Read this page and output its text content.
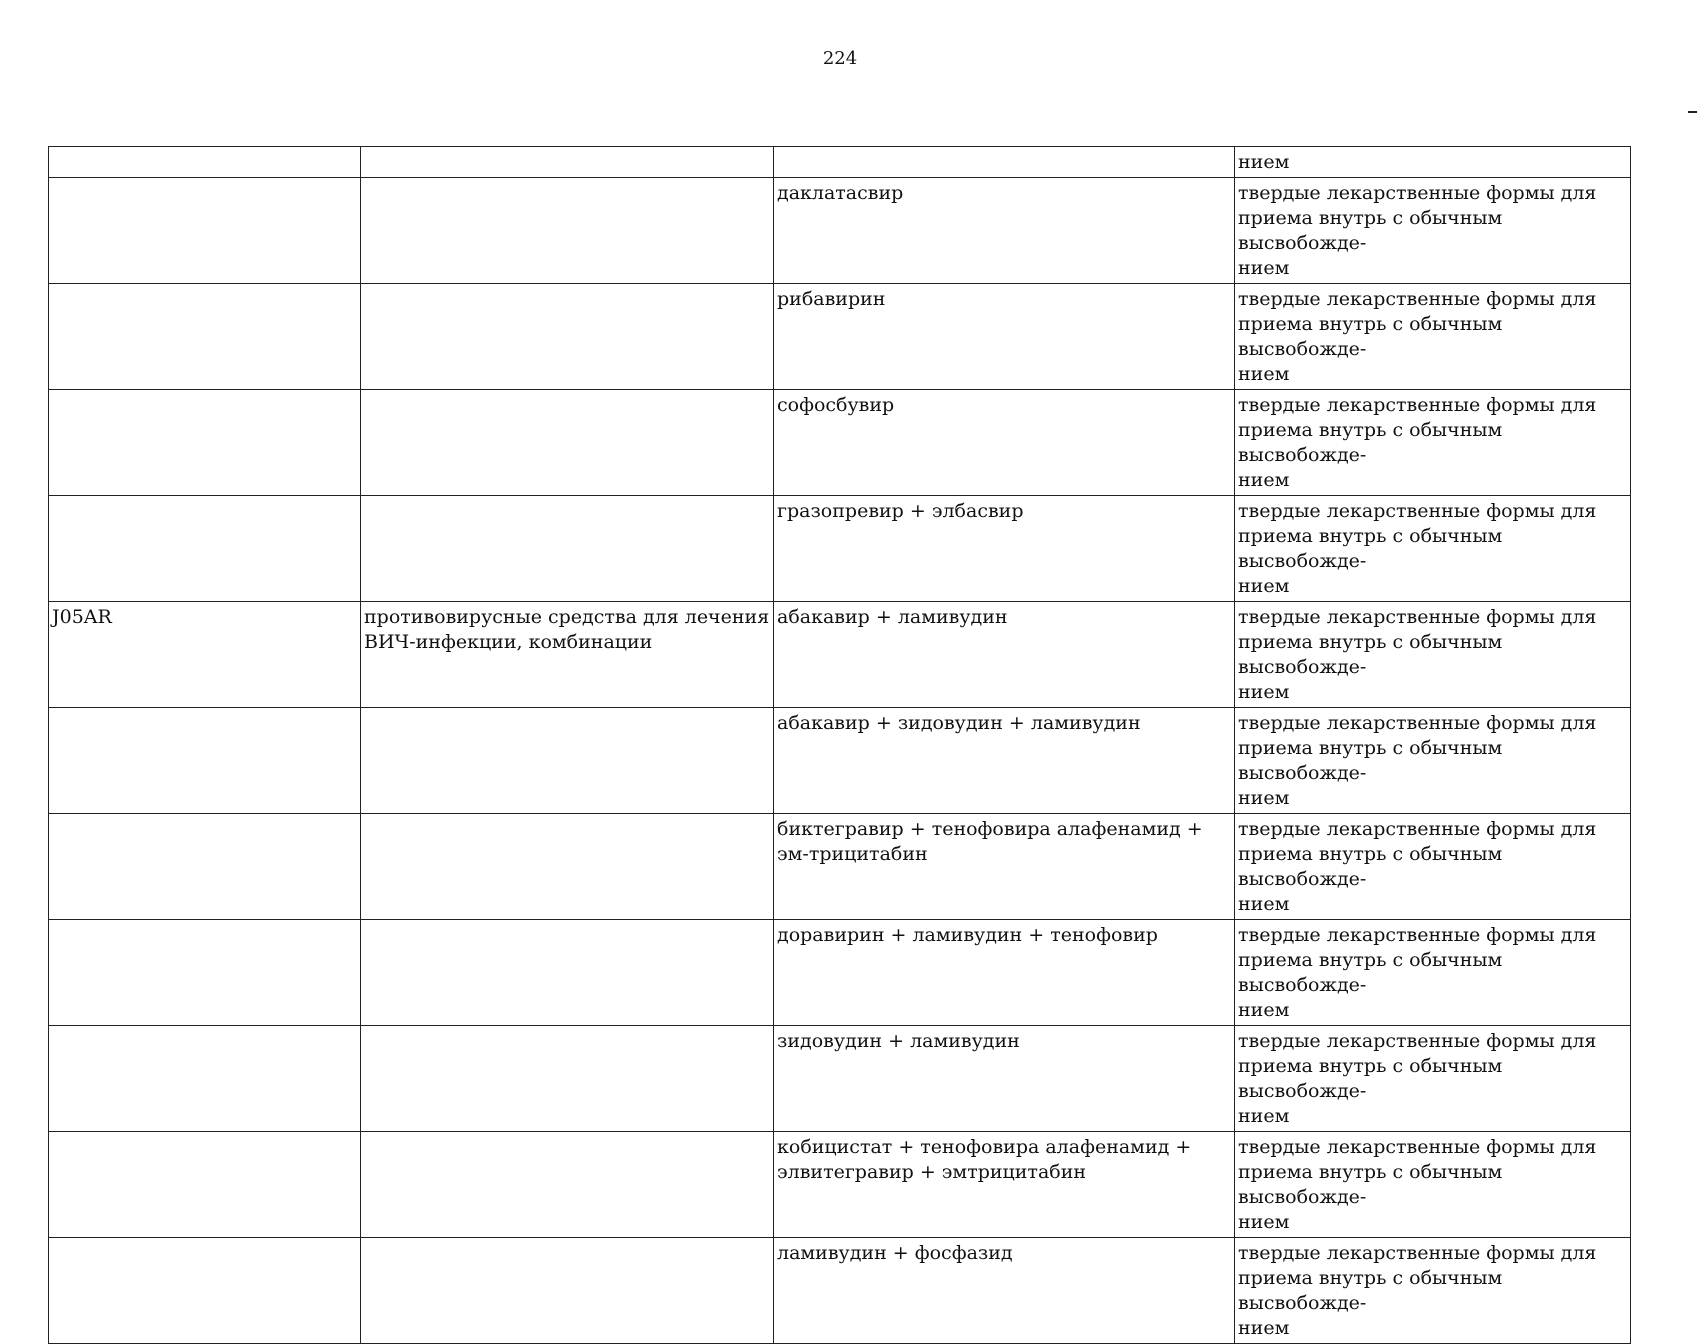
224

			нием

		даклатасвир	твердые лекарственные формы для
приема внутрь с обычным высвобожде-
нием

		рибавирин	твердые лекарственные формы для
приема внутрь с обычным высвобожде-
нием

		софосбувир	твердые лекарственные формы для
приема внутрь с обычным высвобожде-
нием

		гразопревир + элбасвир	твердые лекарственные формы для
приема внутрь с обычным высвобожде-
нием

J05AR	противовирусные средства для лечения ВИЧ-инфекции, комбинации	абакавир + ламивудин	твердые лекарственные формы для
приема внутрь с обычным высвобожде-
нием

		абакавир + зидовудин + ламивудин	твердые лекарственные формы для
приема внутрь с обычным высвобожде-
нием

		биктегравир + тенофовира алафенамид + эм-трицитабин	твердые лекарственные формы для
приема внутрь с обычным высвобожде-
нием

		доравирин + ламивудин + тенофовир	твердые лекарственные формы для
приема внутрь с обычным высвобожде-
нием

		зидовудин + ламивудин	твердые лекарственные формы для
приема внутрь с обычным высвобожде-
нием

		кобицистат + тенофовира алафенамид + элвитегравир + эмтрицитабин	твердые лекарственные формы для
приема внутрь с обычным высвобожде-
нием

		ламивудин + фосфазид	твердые лекарственные формы для
приема внутрь с обычным высвобожде-
нием
